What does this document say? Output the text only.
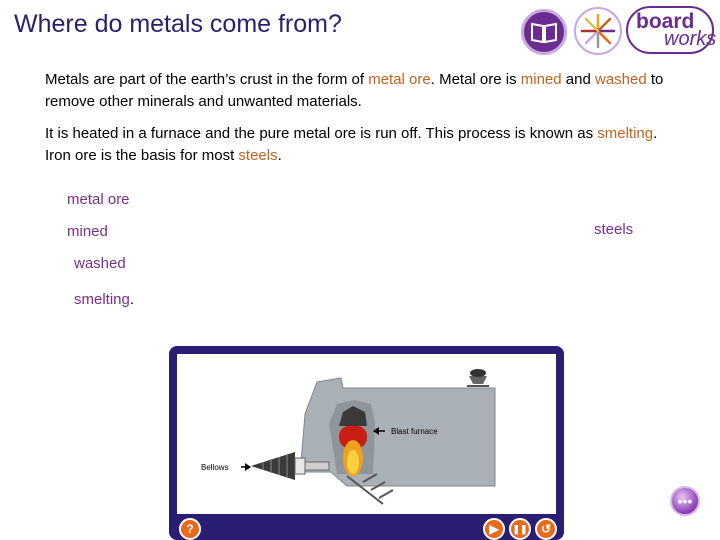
Where do metals come from?	board
works
Metals are part of the earth’s crust in the form of metal ore. Metal ore is mined and washed to remove other minerals and unwanted materials.
It is heated in a furnace and the pure metal ore is run off. This process is known as smelting. Iron ore is the basis for most steels.
metal ore
mined
washed
smelting.
steels
Blast furnace
Bellows
?	▶	❚❚	↺
•••
